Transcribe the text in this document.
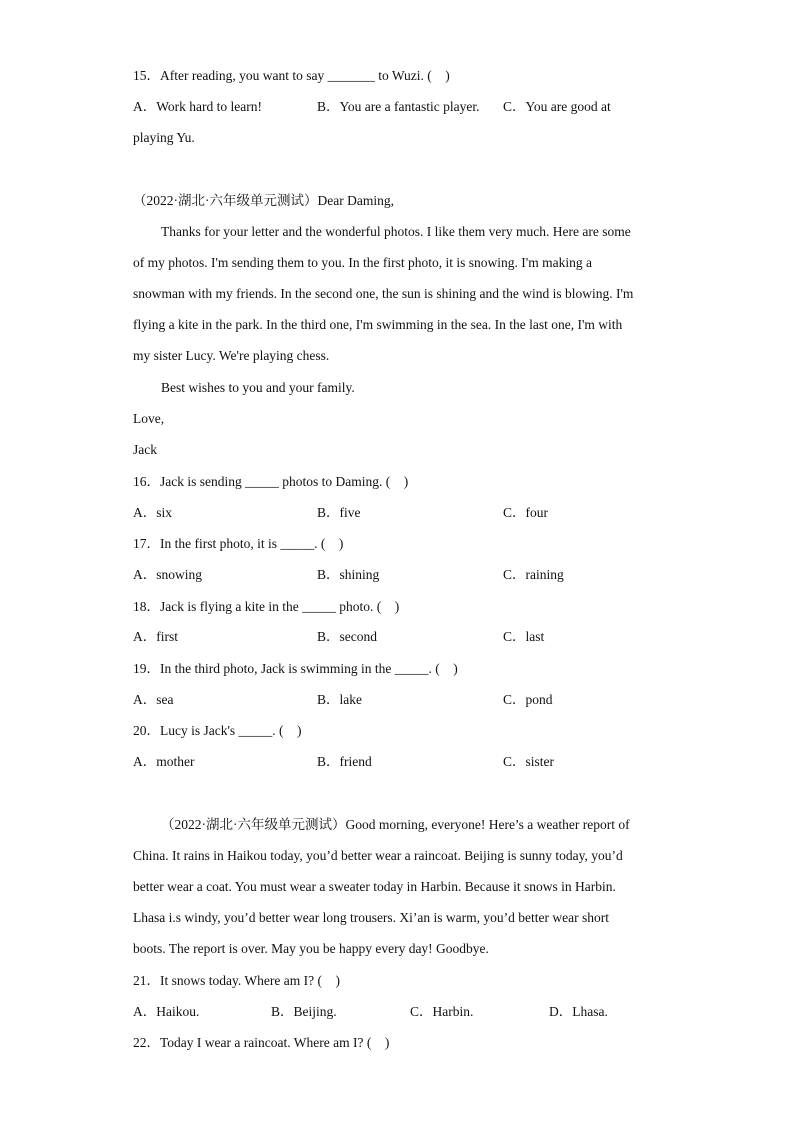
15．After reading, you want to say _______ to Wuzi. (　)
A．Work hard to learn!	B．You are a fantastic player. C．You are good at
playing Yu.
（2022·湖北·六年级单元测试）Dear Daming,
Thanks for your letter and the wonderful photos. I like them very much. Here are some
of my photos. I'm sending them to you. In the first photo, it is snowing. I'm making a
snowman with my friends. In the second one, the sun is shining and the wind is blowing. I'm
flying a kite in the park. In the third one, I'm swimming in the sea. In the last one, I'm with
my sister Lucy. We're playing chess.
Best wishes to you and your family.
Love,
Jack
16．Jack is sending _____ photos to Daming. (　)
A．six	B．five	C．four
17．In the first photo, it is _____. (　)
A．snowing	B．shining	C．raining
18．Jack is flying a kite in the _____ photo. (　)
A．first	B．second	C．last
19．In the third photo, Jack is swimming in the _____. (　)
A．sea	B．lake	C．pond
20．Lucy is Jack's _____. (　)
A．mother	B．friend	C．sister
（2022·湖北·六年级单元测试）Good morning, everyone! Here’s a weather report of
China. It rains in Haikou today, you’d better wear a raincoat. Beijing is sunny today, you’d
better wear a coat. You must wear a sweater today in Harbin. Because it snows in Harbin.
Lhasa i.s windy, you’d better wear long trousers. Xi’an is warm, you’d better wear short
boots. The report is over. May you be happy every day! Goodbye.
21．It snows today. Where am I? (　)
A．Haikou.	B．Beijing.	C．Harbin.	D．Lhasa.
22．Today I wear a raincoat. Where am I? (　)
